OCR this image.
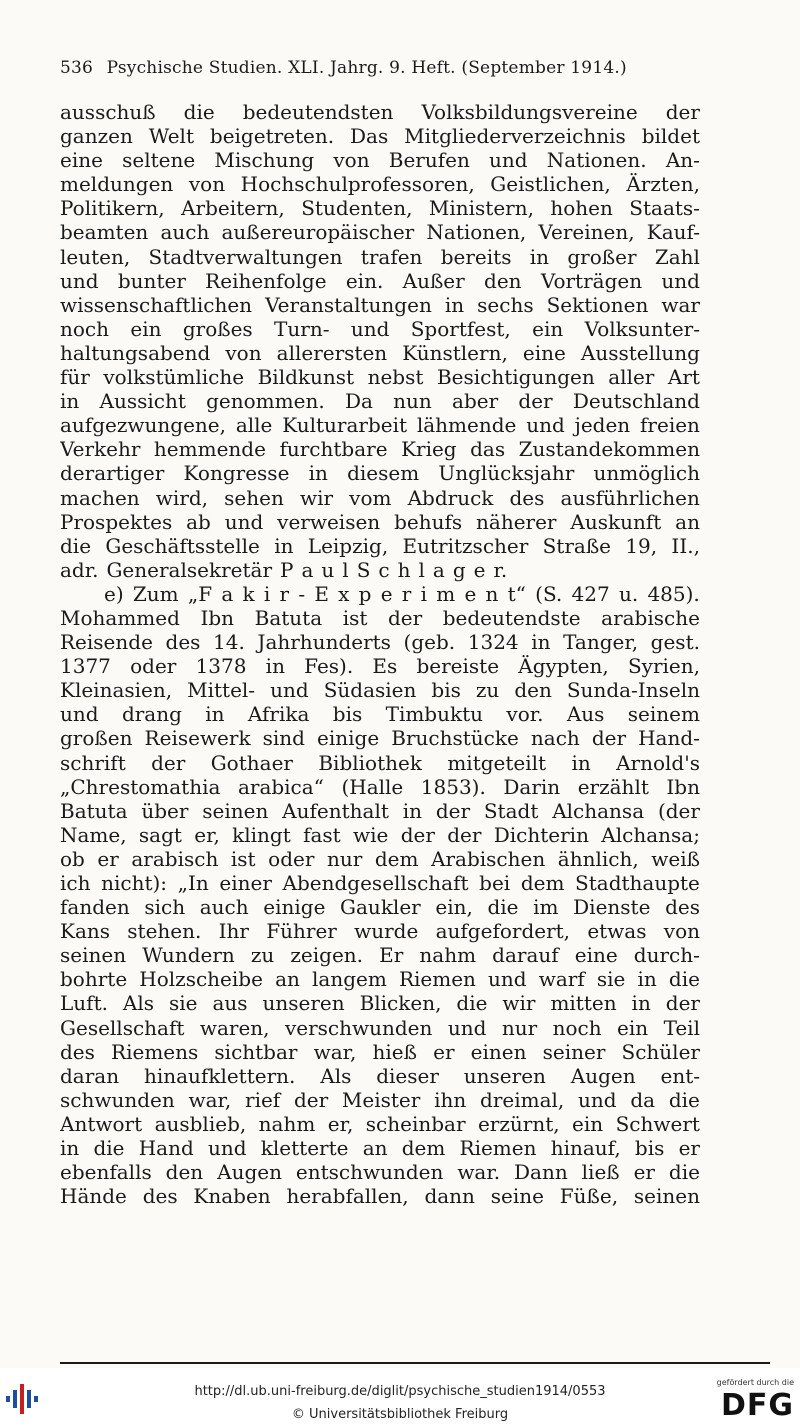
536 Psychische Studien. XLI. Jahrg. 9. Heft. (September 1914.)
ausschuß die bedeutendsten Volksbildungsvereine der
ganzen Welt beigetreten. Das Mitgliederverzeichnis bildet
eine seltene Mischung von Berufen und Nationen. An-
meldungen von Hochschulprofessoren, Geistlichen, Ärzten,
Politikern, Arbeitern, Studenten, Ministern, hohen Staats-
beamten auch außereuropäischer Nationen, Vereinen, Kauf-
leuten, Stadtverwaltungen trafen bereits in großer Zahl
und bunter Reihenfolge ein. Außer den Vorträgen und
wissenschaftlichen Veranstaltungen in sechs Sektionen war
noch ein großes Turn- und Sportfest, ein Volksunter-
haltungsabend von allerersten Künstlern, eine Ausstellung
für volkstümliche Bildkunst nebst Besichtigungen aller Art
in Aussicht genommen. Da nun aber der Deutschland
aufgezwungene, alle Kulturarbeit lähmende und jeden freien
Verkehr hemmende furchtbare Krieg das Zustandekommen
derartiger Kongresse in diesem Unglücksjahr unmöglich
machen wird, sehen wir vom Abdruck des ausführlichen
Prospektes ab und verweisen behufs näherer Auskunft an
die Geschäftsstelle in Leipzig, Eutritzscher Straße 19, II.,
adr. Generalsekretär P a u l S c h l a g e r.
e) Zum „F a k i r - E x p e r i m e n t“ (S. 427 u. 485).
Mohammed Ibn Batuta ist der bedeutendste arabische
Reisende des 14. Jahrhunderts (geb. 1324 in Tanger, gest.
1377 oder 1378 in Fes). Es bereiste Ägypten, Syrien,
Kleinasien, Mittel- und Südasien bis zu den Sunda-Inseln
und drang in Afrika bis Timbuktu vor. Aus seinem
großen Reisewerk sind einige Bruchstücke nach der Hand-
schrift der Gothaer Bibliothek mitgeteilt in Arnold's
„Chrestomathia arabica“ (Halle 1853). Darin erzählt Ibn
Batuta über seinen Aufenthalt in der Stadt Alchansa (der
Name, sagt er, klingt fast wie der der Dichterin Alchansa;
ob er arabisch ist oder nur dem Arabischen ähnlich, weiß
ich nicht): „In einer Abendgesellschaft bei dem Stadthaupte
fanden sich auch einige Gaukler ein, die im Dienste des
Kans stehen. Ihr Führer wurde aufgefordert, etwas von
seinen Wundern zu zeigen. Er nahm darauf eine durch-
bohrte Holzscheibe an langem Riemen und warf sie in die
Luft. Als sie aus unseren Blicken, die wir mitten in der
Gesellschaft waren, verschwunden und nur noch ein Teil
des Riemens sichtbar war, hieß er einen seiner Schüler
daran hinaufklettern. Als dieser unseren Augen ent-
schwunden war, rief der Meister ihn dreimal, und da die
Antwort ausblieb, nahm er, scheinbar erzürnt, ein Schwert
in die Hand und kletterte an dem Riemen hinauf, bis er
ebenfalls den Augen entschwunden war. Dann ließ er die
Hände des Knaben herabfallen, dann seine Füße, seinen
http://dl.ub.uni-freiburg.de/diglit/psychische_studien1914/0553
© Universitätsbibliothek Freiburg
gefördert durch die
DFG
